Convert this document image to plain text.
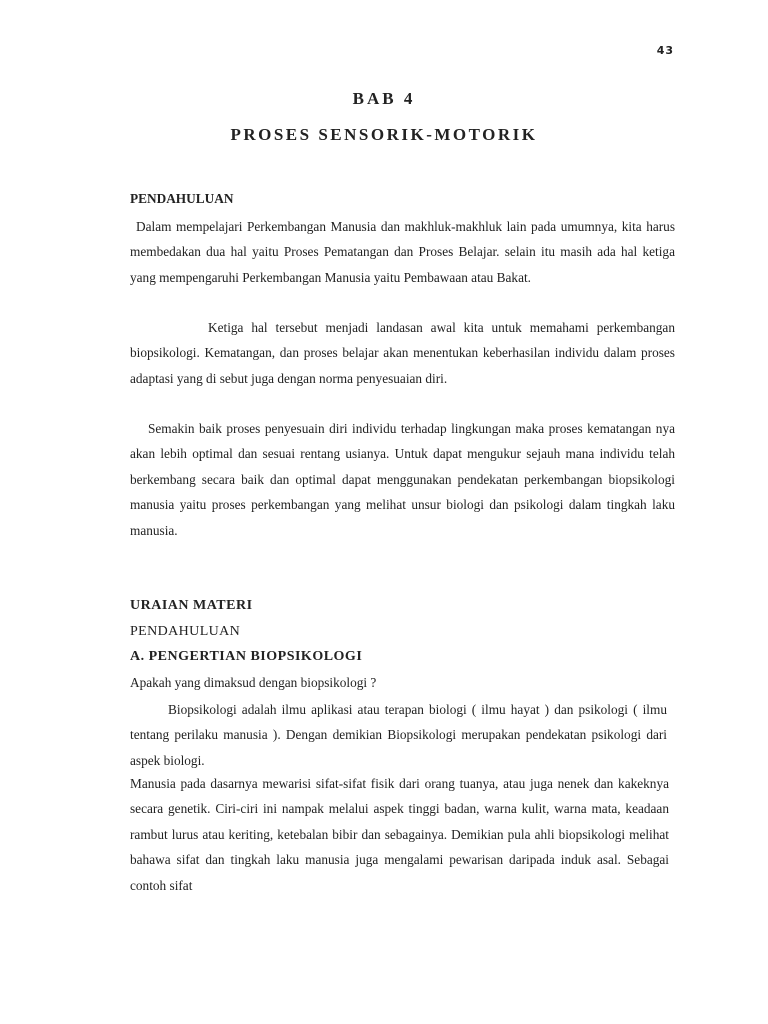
43
BAB 4
PROSES SENSORIK-MOTORIK
PENDAHULUAN

Dalam mempelajari Perkembangan Manusia dan makhluk-makhluk lain pada umumnya, kita harus membedakan dua hal yaitu Proses Pematangan dan Proses Belajar. selain itu masih ada hal ketiga yang mempengaruhi Perkembangan Manusia yaitu Pembawaan atau Bakat.

Ketiga hal tersebut menjadi landasan awal kita untuk memahami perkembangan biopsikologi. Kematangan, dan proses belajar akan menentukan keberhasilan individu dalam proses adaptasi yang di sebut juga dengan norma penyesuaian diri.

Semakin baik proses penyesuain diri individu terhadap lingkungan maka proses kematangan nya akan lebih optimal dan sesuai rentang usianya. Untuk dapat mengukur sejauh mana individu telah berkembang secara baik dan optimal dapat menggunakan pendekatan perkembangan biopsikologi manusia yaitu proses perkembangan yang melihat unsur biologi dan psikologi dalam tingkah laku manusia.

URAIAN MATERI
PENDAHULUAN
A. PENGERTIAN BIOPSIKOLOGI
Apakah yang dimaksud dengan biopsikologi ?

Biopsikologi adalah ilmu aplikasi atau terapan biologi ( ilmu hayat ) dan psikologi ( ilmu tentang perilaku manusia ). Dengan demikian Biopsikologi merupakan pendekatan psikologi dari aspek biologi.

Manusia pada dasarnya mewarisi sifat-sifat fisik dari orang tuanya, atau juga nenek dan kakeknya secara genetik. Ciri-ciri ini nampak melalui aspek tinggi badan, warna kulit, warna mata, keadaan rambut lurus atau keriting, ketebalan bibir dan sebagainya. Demikian pula ahli biopsikologi melihat bahawa sifat dan tingkah laku manusia juga mengalami pewarisan daripada induk asal. Sebagai contoh sifat
